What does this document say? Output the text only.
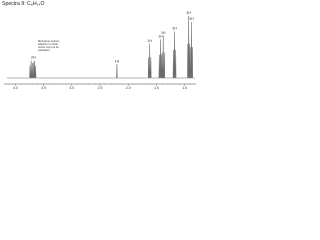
Spectra 9: C₆H₁₄O
Methylene protons
adjacent to chiral
centre may not be
equivalent
2H
1H
1H
1H
1H
2H
3H
3H
4.0	3.5	3.0	2.5	2.0	1.5	1.0
